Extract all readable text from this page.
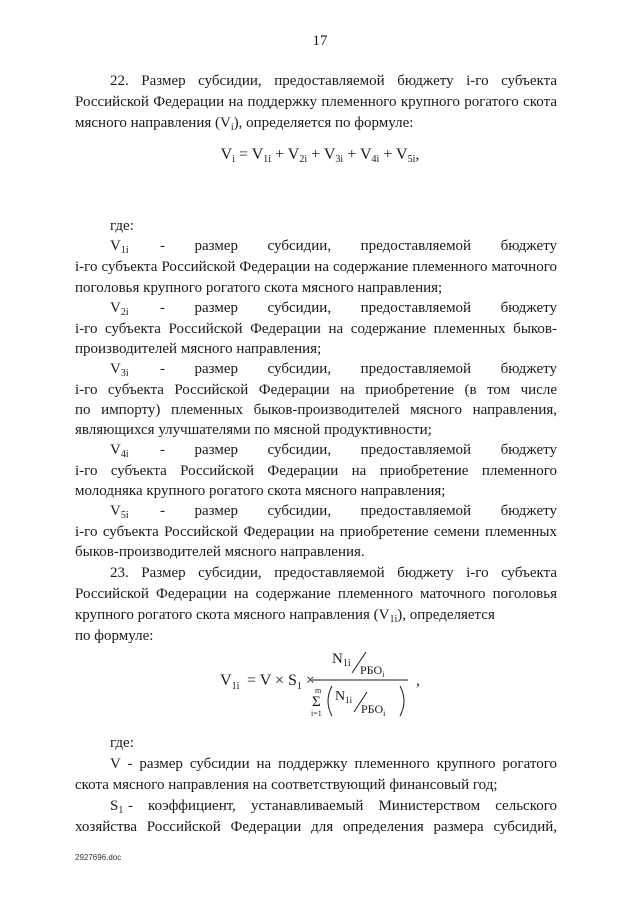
17
22. Размер субсидии, предоставляемой бюджету i-го субъекта
Российской Федерации на поддержку племенного крупного рогатого скота
мясного направления $(V_i)$, определяется по формуле:
$V_i = V_{1i} + V_{2i} + V_{3i} + V_{4i} + V_{5i}$,
где:
$V_{1i}$ - размер субсидии, предоставляемой бюджету
i-го субъекта Российской Федерации на содержание племенного маточного
поголовья крупного рогатого скота мясного направления;
$V_{2i}$ - размер субсидии, предоставляемой бюджету
i-го субъекта Российской Федерации на содержание племенных быков-
производителей мясного направления;
$V_{3i}$ - размер субсидии, предоставляемой бюджету
i-го субъекта Российской Федерации на приобретение (в том числе
по импорту) племенных быков-производителей мясного направления,
являющихся улучшателями по мясной продуктивности;
$V_{4i}$ - размер субсидии, предоставляемой бюджету
i-го субъекта Российской Федерации на приобретение племенного
молодняка крупного рогатого скота мясного направления;
$V_{5i}$ - размер субсидии, предоставляемой бюджету
i-го субъекта Российской Федерации на приобретение семени племенных
быков-производителей мясного направления.
23. Размер субсидии, предоставляемой бюджету i-го субъекта
Российской Федерации на содержание племенного маточного поголовья
крупного рогатого скота мясного направления $(V_{1i})$, определяется
по формуле:
$V_{1i} = V \times S_1$ ×
$N_{1i}$ $РБО_i$
m
Σ
i=1
$N_{1i}$
$РБО_i$
,
где:
V - размер субсидии на поддержку племенного крупного рогатого
скота мясного направления на соответствующий финансовый год;
$S_1$ - коэффициент, устанавливаемый Министерством сельского
хозяйства Российской Федерации для определения размера субсидий,
2927696.doc
